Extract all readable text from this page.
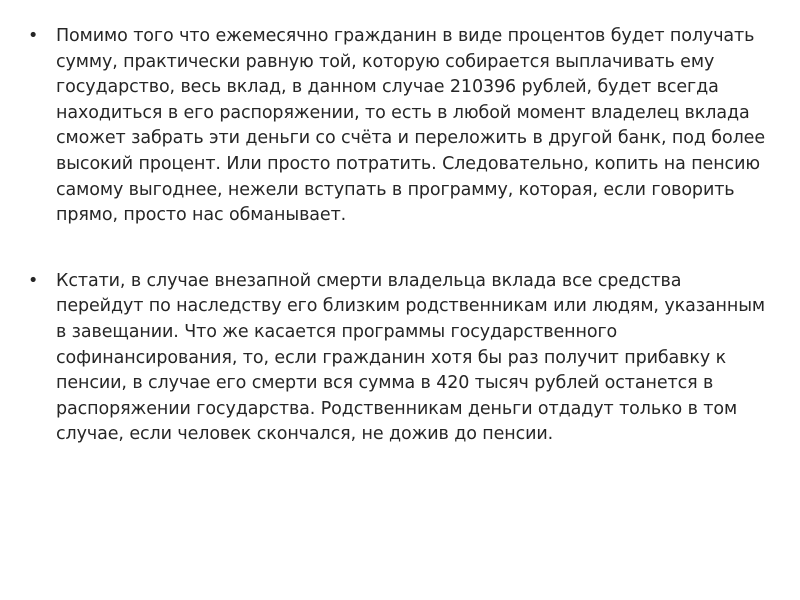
• Помимо того что ежемесячно гражданин в виде процентов будет получать сумму, практически равную той, которую собирается выплачивать ему государство, весь вклад, в данном случае 210396 рублей, будет всегда находиться в его распоряжении, то есть в любой момент владелец вклада сможет забрать эти деньги со счёта и переложить в другой банк, под более высокий процент. Или просто потратить. Следовательно, копить на пенсию самому выгоднее, нежели вступать в программу, которая, если говорить прямо, просто нас обманывает.
• Кстати, в случае внезапной смерти владельца вклада все средства перейдут по наследству его близким родственникам или людям, указанным в завещании. Что же касается программы государственного софинансирования, то, если гражданин хотя бы раз получит прибавку к пенсии, в случае его смерти вся сумма в 420 тысяч рублей останется в распоряжении государства. Родственникам деньги отдадут только в том случае, если человек скончался, не дожив до пенсии.
